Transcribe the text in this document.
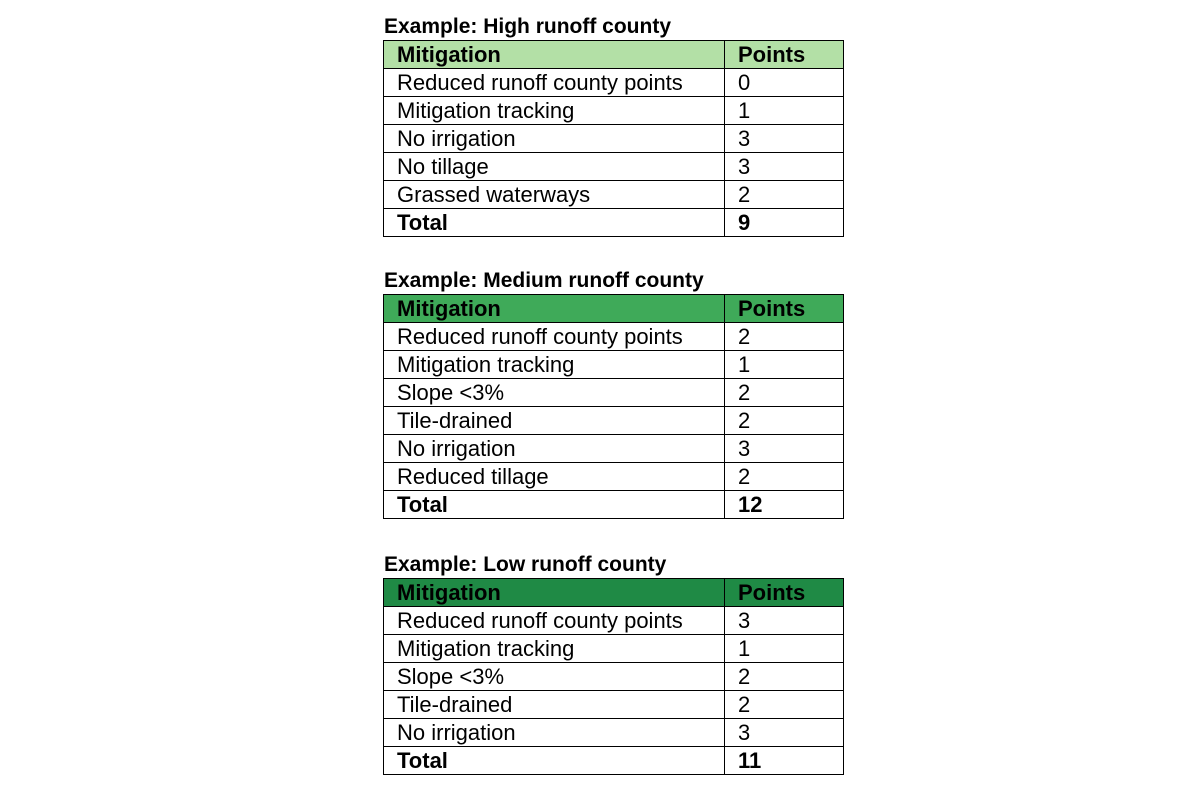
Example: High runoff county
Mitigation	Points
Reduced runoff county points	0
Mitigation tracking	1
No irrigation	3
No tillage	3
Grassed waterways	2
Total	9
Example: Medium runoff county
Mitigation	Points
Reduced runoff county points	2
Mitigation tracking	1
Slope <3%	2
Tile-drained	2
No irrigation	3
Reduced tillage	2
Total	12
Example: Low runoff county
Mitigation	Points
Reduced runoff county points	3
Mitigation tracking	1
Slope <3%	2
Tile-drained	2
No irrigation	3
Total	11
